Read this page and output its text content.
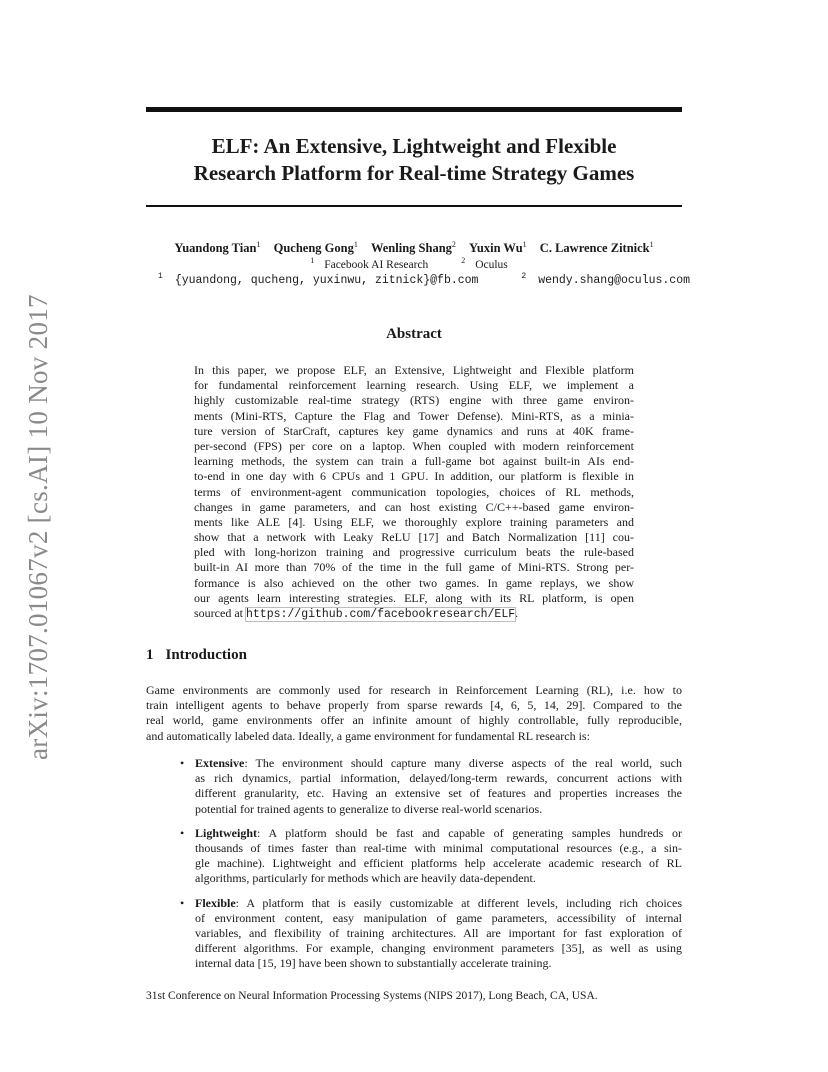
arXiv:1707.01067v2 [cs.AI] 10 Nov 2017
ELF: An Extensive, Lightweight and Flexible
Research Platform for Real-time Strategy Games
Yuandong Tian$^1$ Qucheng Gong$^1$ Wenling Shang$^2$ Yuxin Wu$^1$ C. Lawrence Zitnick$^1$
$^1$ Facebook AI Research	$^2$ Oculus
$^1$ {yuandong, qucheng, yuxinwu, zitnick}@fb.com	$^2$ wendy.shang@oculus.com
Abstract
In this paper, we propose ELF, an Extensive, Lightweight and Flexible platform
for fundamental reinforcement learning research. Using ELF, we implement a
highly customizable real-time strategy (RTS) engine with three game environ-
ments (Mini-RTS, Capture the Flag and Tower Defense). Mini-RTS, as a minia-
ture version of StarCraft, captures key game dynamics and runs at 40K frame-
per-second (FPS) per core on a laptop. When coupled with modern reinforcement
learning methods, the system can train a full-game bot against built-in AIs end-
to-end in one day with 6 CPUs and 1 GPU. In addition, our platform is flexible in
terms of environment-agent communication topologies, choices of RL methods,
changes in game parameters, and can host existing C/C++-based game environ-
ments like ALE [4]. Using ELF, we thoroughly explore training parameters and
show that a network with Leaky ReLU [17] and Batch Normalization [11] cou-
pled with long-horizon training and progressive curriculum beats the rule-based
built-in AI more than 70% of the time in the full game of Mini-RTS. Strong per-
formance is also achieved on the other two games. In game replays, we show
our agents learn interesting strategies. ELF, along with its RL platform, is open
sourced at https://github.com/facebookresearch/ELF.
1 Introduction
Game environments are commonly used for research in Reinforcement Learning (RL), i.e. how to
train intelligent agents to behave properly from sparse rewards [4, 6, 5, 14, 29]. Compared to the
real world, game environments offer an infinite amount of highly controllable, fully reproducible,
and automatically labeled data. Ideally, a game environment for fundamental RL research is:
• Extensive: The environment should capture many diverse aspects of the real world, such
as rich dynamics, partial information, delayed/long-term rewards, concurrent actions with
different granularity, etc. Having an extensive set of features and properties increases the
potential for trained agents to generalize to diverse real-world scenarios.
• Lightweight: A platform should be fast and capable of generating samples hundreds or
thousands of times faster than real-time with minimal computational resources (e.g., a sin-
gle machine). Lightweight and efficient platforms help accelerate academic research of RL
algorithms, particularly for methods which are heavily data-dependent.
• Flexible: A platform that is easily customizable at different levels, including rich choices
of environment content, easy manipulation of game parameters, accessibility of internal
variables, and flexibility of training architectures. All are important for fast exploration of
different algorithms. For example, changing environment parameters [35], as well as using
internal data [15, 19] have been shown to substantially accelerate training.
31st Conference on Neural Information Processing Systems (NIPS 2017), Long Beach, CA, USA.
